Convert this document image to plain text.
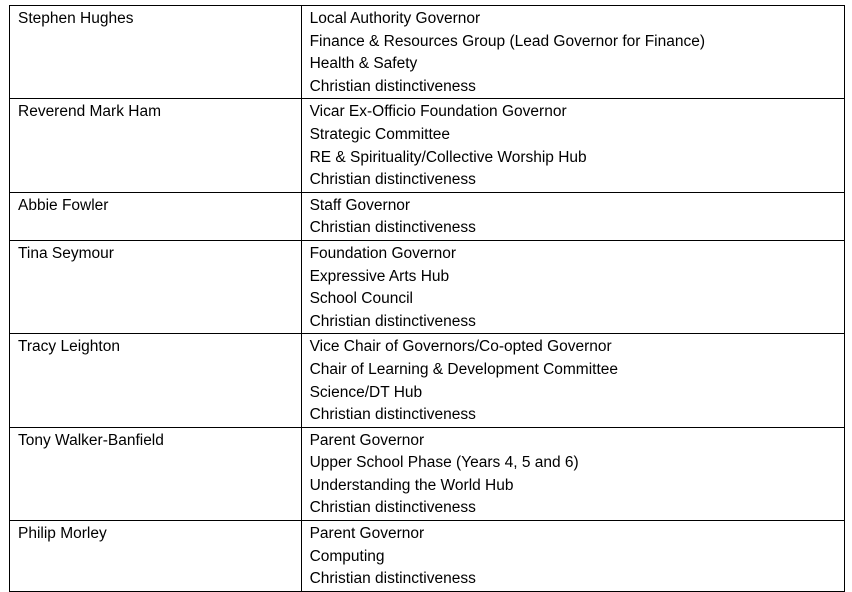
Stephen Hughes	Local Authority Governor
Finance & Resources Group (Lead Governor for Finance)
Health & Safety
Christian distinctiveness

Reverend Mark Ham	Vicar Ex-Officio Foundation Governor
Strategic Committee
RE & Spirituality/Collective Worship Hub
Christian distinctiveness

Abbie Fowler	Staff Governor
Christian distinctiveness

Tina Seymour	Foundation Governor
Expressive Arts Hub
School Council
Christian distinctiveness

Tracy Leighton	Vice Chair of Governors/Co-opted Governor
Chair of Learning & Development Committee
Science/DT Hub
Christian distinctiveness

Tony Walker-Banfield	Parent Governor
Upper School Phase (Years 4, 5 and 6)
Understanding the World Hub
Christian distinctiveness

Philip Morley	Parent Governor
Computing
Christian distinctiveness
